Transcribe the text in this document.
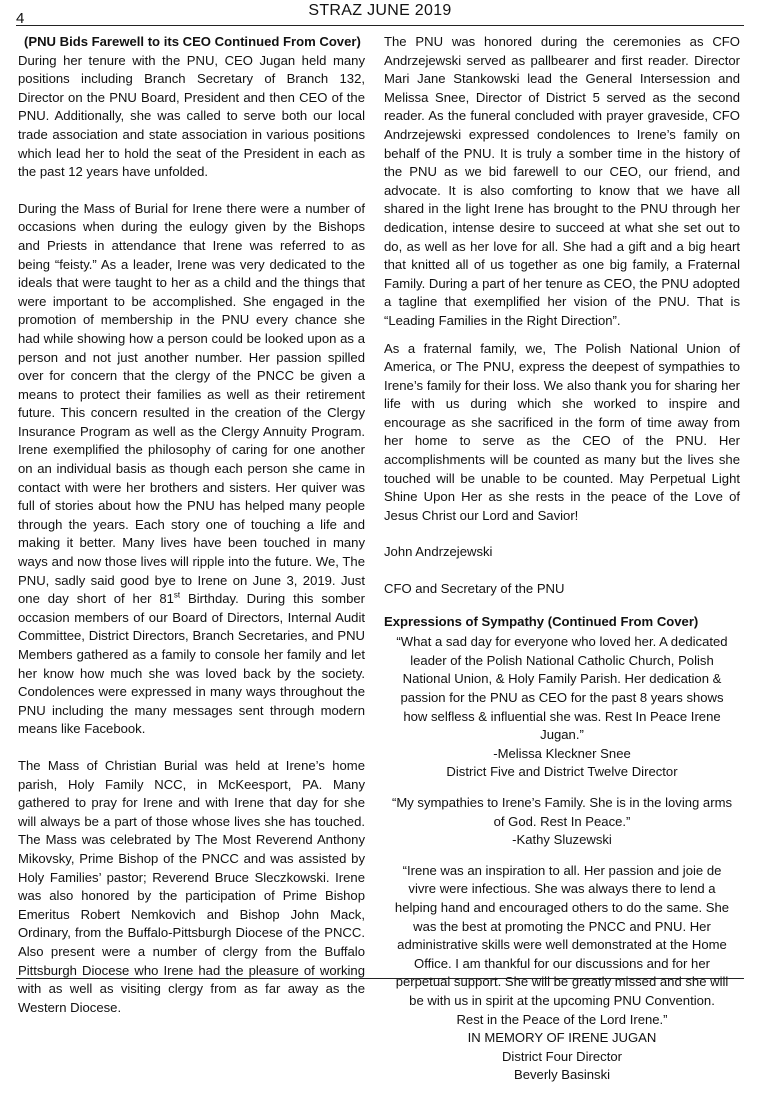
4	STRAZ JUNE 2019

(PNU Bids Farewell to its CEO Continued From Cover)

During her tenure with the PNU, CEO Jugan held many positions including Branch Secretary of Branch 132, Director on the PNU Board, President and then CEO of the PNU. Additionally, she was called to serve both our local trade association and state association in various positions which lead her to hold the seat of the President in each as the past 12 years have unfolded.

During the Mass of Burial for Irene there were a number of occasions when during the eulogy given by the Bishops and Priests in attendance that Irene was referred to as being “feisty.” As a leader, Irene was very dedicated to the ideals that were taught to her as a child and the things that were important to be accomplished. She engaged in the promotion of membership in the PNU every chance she had while showing how a person could be looked upon as a person and not just another number. Her passion spilled over for concern that the clergy of the PNCC be given a means to protect their families as well as their retirement future. This concern resulted in the creation of the Clergy Insurance Program as well as the Clergy Annuity Program. Irene exemplified the philosophy of caring for one another on an individual basis as though each person she came in contact with were her brothers and sisters. Her quiver was full of stories about how the PNU has helped many people through the years. Each story one of touching a life and making it better. Many lives have been touched in many ways and now those lives will ripple into the future. We, The PNU, sadly said good bye to Irene on June 3, 2019. Just one day short of her 81st Birthday. During this somber occasion members of our Board of Directors, Internal Audit Committee, District Directors, Branch Secretaries, and PNU Members gathered as a family to console her family and let her know how much she was loved back by the society. Condolences were expressed in many ways throughout the PNU including the many messages sent through modern means like Facebook.

The Mass of Christian Burial was held at Irene’s home parish, Holy Family NCC, in McKeesport, PA. Many gathered to pray for Irene and with Irene that day for she will always be a part of those whose lives she has touched. The Mass was celebrated by The Most Reverend Anthony Mikovsky, Prime Bishop of the PNCC and was assisted by Holy Families’ pastor; Reverend Bruce Sleczkowski. Irene was also honored by the participation of Prime Bishop Emeritus Robert Nemkovich and Bishop John Mack, Ordinary, from the Buffalo-Pittsburgh Diocese of the PNCC. Also present were a number of clergy from the Buffalo Pittsburgh Diocese who Irene had the pleasure of working with as well as visiting clergy from as far away as the Western Diocese.

The PNU was honored during the ceremonies as CFO Andrzejewski served as pallbearer and first reader. Director Mari Jane Stankowski lead the General Intersession and Melissa Snee, Director of District 5 served as the second reader. As the funeral concluded with prayer graveside, CFO Andrzejewski expressed condolences to Irene’s family on behalf of the PNU. It is truly a somber time in the history of the PNU as we bid farewell to our CEO, our friend, and advocate. It is also comforting to know that we have all shared in the light Irene has brought to the PNU through her dedication, intense desire to succeed at what she set out to do, as well as her love for all. She had a gift and a big heart that knitted all of us together as one big family, a Fraternal Family. During a part of her tenure as CEO, the PNU adopted a tagline that exemplified her vision of the PNU. That is “Leading Families in the Right Direction”.

As a fraternal family, we, The Polish National Union of America, or The PNU, express the deepest of sympathies to Irene’s family for their loss. We also thank you for sharing her life with us during which she worked to inspire and encourage as she sacrificed in the form of time away from her home to serve as the CEO of the PNU. Her accomplishments will be counted as many but the lives she touched will be unable to be counted. May Perpetual Light Shine Upon Her as she rests in the peace of the Love of Jesus Christ our Lord and Savior!

John Andrzejewski

CFO and Secretary of the PNU

Expressions of Sympathy (Continued From Cover)

“What a sad day for everyone who loved her. A dedicated leader of the Polish National Catholic Church, Polish National Union, & Holy Family Parish. Her dedication & passion for the PNU as CEO for the past 8 years shows how selfless & influential she was. Rest In Peace Irene Jugan.”
-Melissa Kleckner Snee
District Five and District Twelve Director
“My sympathies to Irene’s Family. She is in the loving arms of God. Rest In Peace.”
-Kathy Sluzewski
“Irene was an inspiration to all. Her passion and joie de vivre were infectious. She was always there to lend a helping hand and encouraged others to do the same. She was the best at promoting the PNCC and PNU. Her administrative skills were well demonstrated at the Home Office. I am thankful for our discussions and for her perpetual support. She will be greatly missed and she will be with us in spirit at the upcoming PNU Convention.
Rest in the Peace of the Lord Irene.”
IN MEMORY OF IRENE JUGAN
District Four Director
Beverly Basinski
